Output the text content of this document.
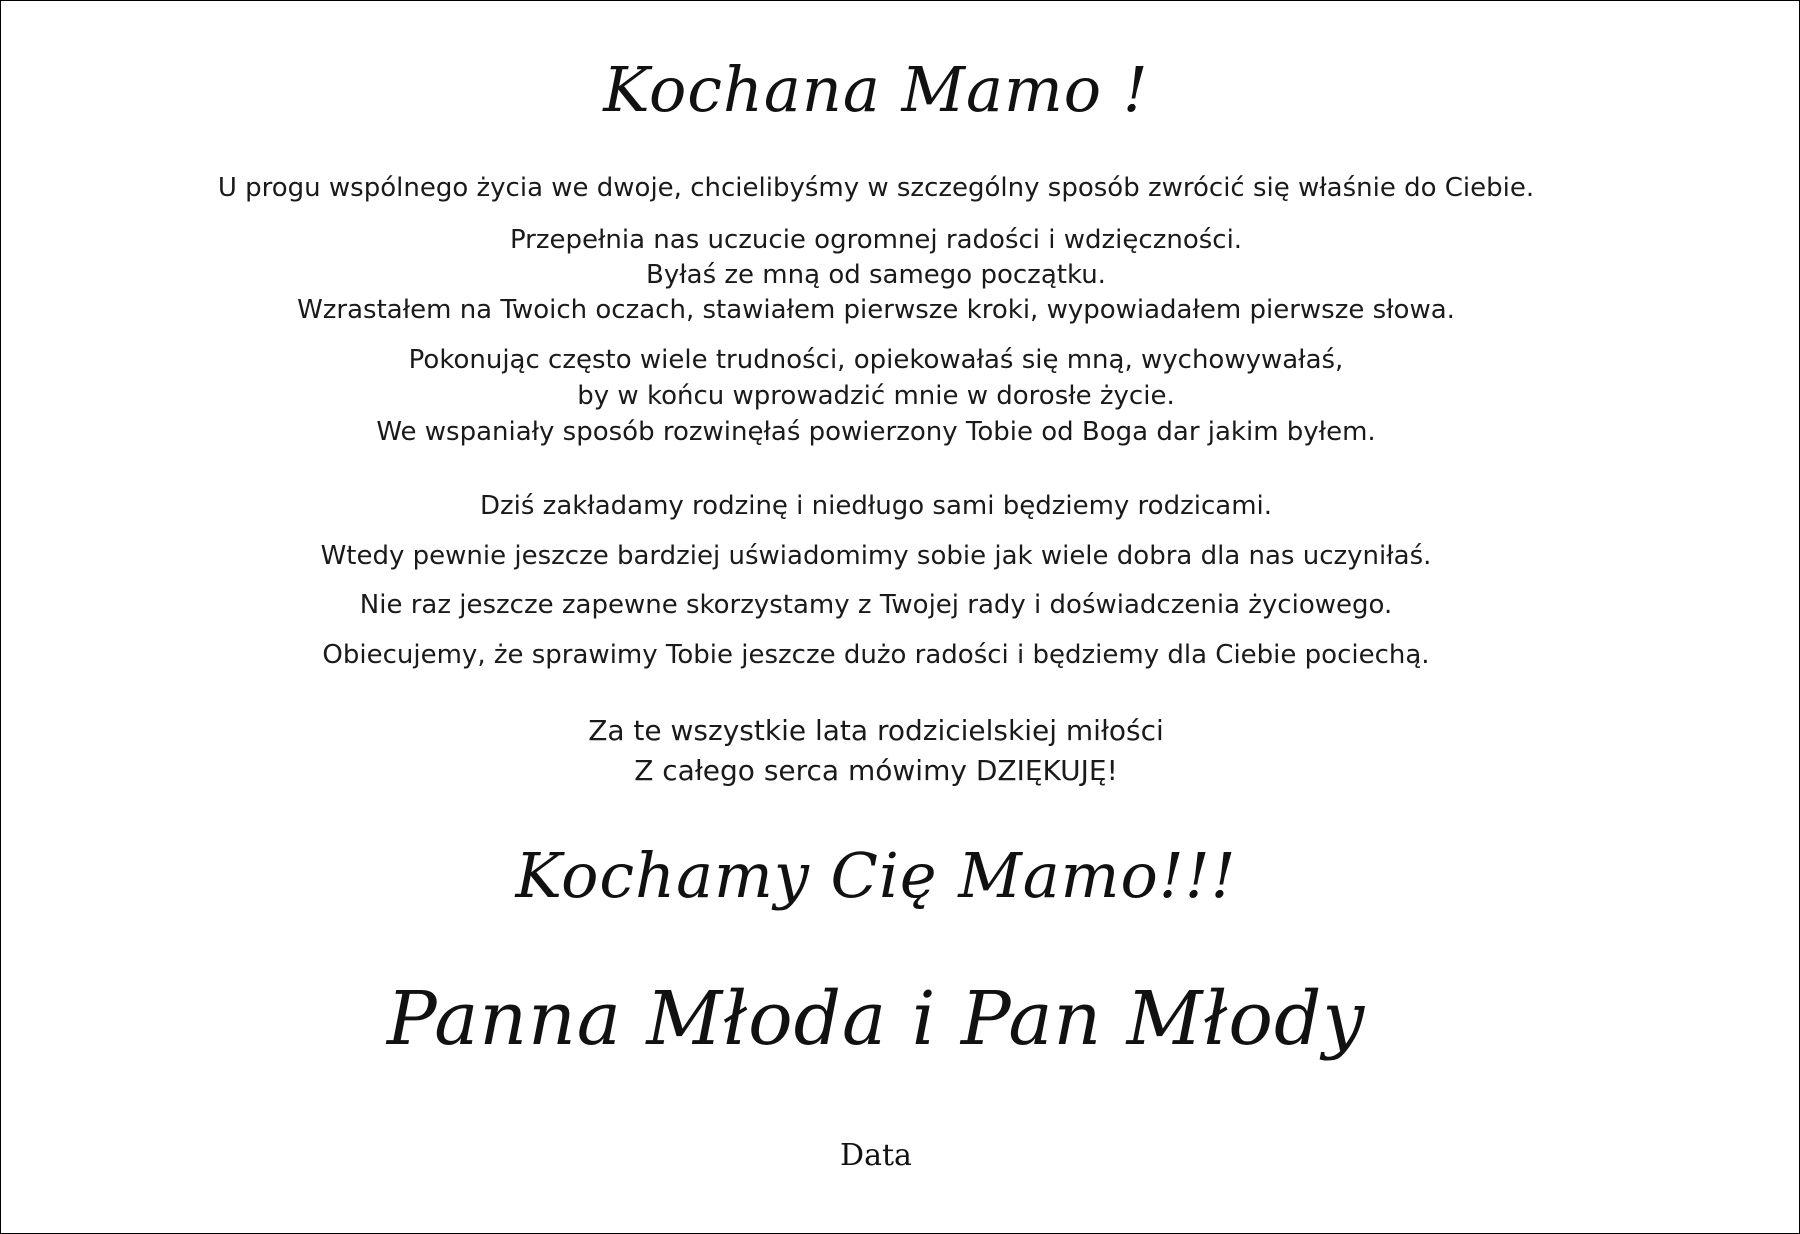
Kochana Mamo !
U progu wspólnego życia we dwoje, chcielibyśmy w szczególny sposób zwrócić się właśnie do Ciebie.
Przepełnia nas uczucie ogromnej radości i wdzięczności.
Byłaś ze mną od samego początku.
Wzrastałem na Twoich oczach, stawiałem pierwsze kroki, wypowiadałem pierwsze słowa.
Pokonując często wiele trudności, opiekowałaś się mną, wychowywałaś,
by w końcu wprowadzić mnie w dorosłe życie.
We wspaniały sposób rozwinęłaś powierzony Tobie od Boga dar jakim byłem.
Dziś zakładamy rodzinę i niedługo sami będziemy rodzicami.
Wtedy pewnie jeszcze bardziej uświadomimy sobie jak wiele dobra dla nas uczyniłaś.
Nie raz jeszcze zapewne skorzystamy z Twojej rady i doświadczenia życiowego.
Obiecujemy, że sprawimy Tobie jeszcze dużo radości i będziemy dla Ciebie pociechą.
Za te wszystkie lata rodzicielskiej miłości
Z całego serca mówimy DZIĘKUJĘ!
Kochamy Cię Mamo!!!
Panna Młoda i Pan Młody
Data
